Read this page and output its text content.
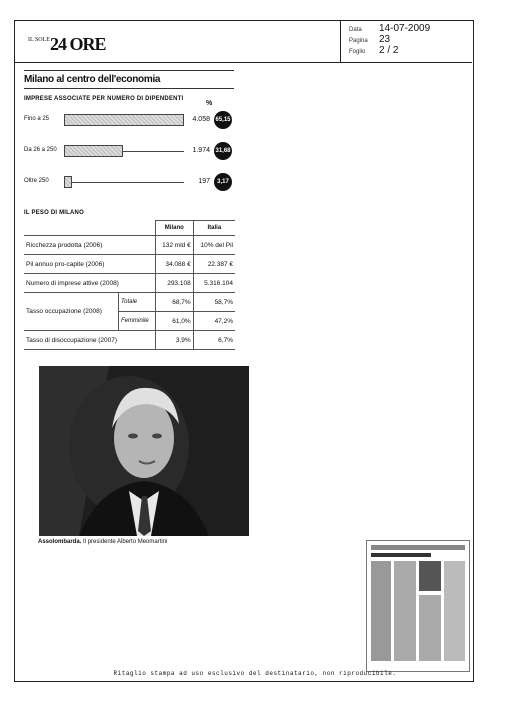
$^{IL SOLE}$24 ORE
Data 14-07-2009
Pagina 23
Foglio 2 / 2
Milano al centro dell'economia
IMPRESE ASSOCIATE PER NUMERO DI DIPENDENTI
%
Fino a 25	4.058 65,15
Da 26 a 250	1.974 31,68
Oltre 250	197	3,17
IL PESO DI MILANO
		Milano	Italia
Ricchezza prodotta (2006)		132 mld €	10% del Pil
Pil annuo pro-capite (2006)		34.088 €	22.387 €
Numero di imprese attive (2008)		293.108	5.316.104
Tasso occupazione (2008)	Totale	68,7%	58,7%
	Femminile	61,0%	47,2%
Tasso di disoccupazione (2007)		3,9%	6,7%
Assolombarda. Il presidente Alberto Meomartini
Ritaglio stampa ad uso esclusivo del destinatario, non riproducibile.
